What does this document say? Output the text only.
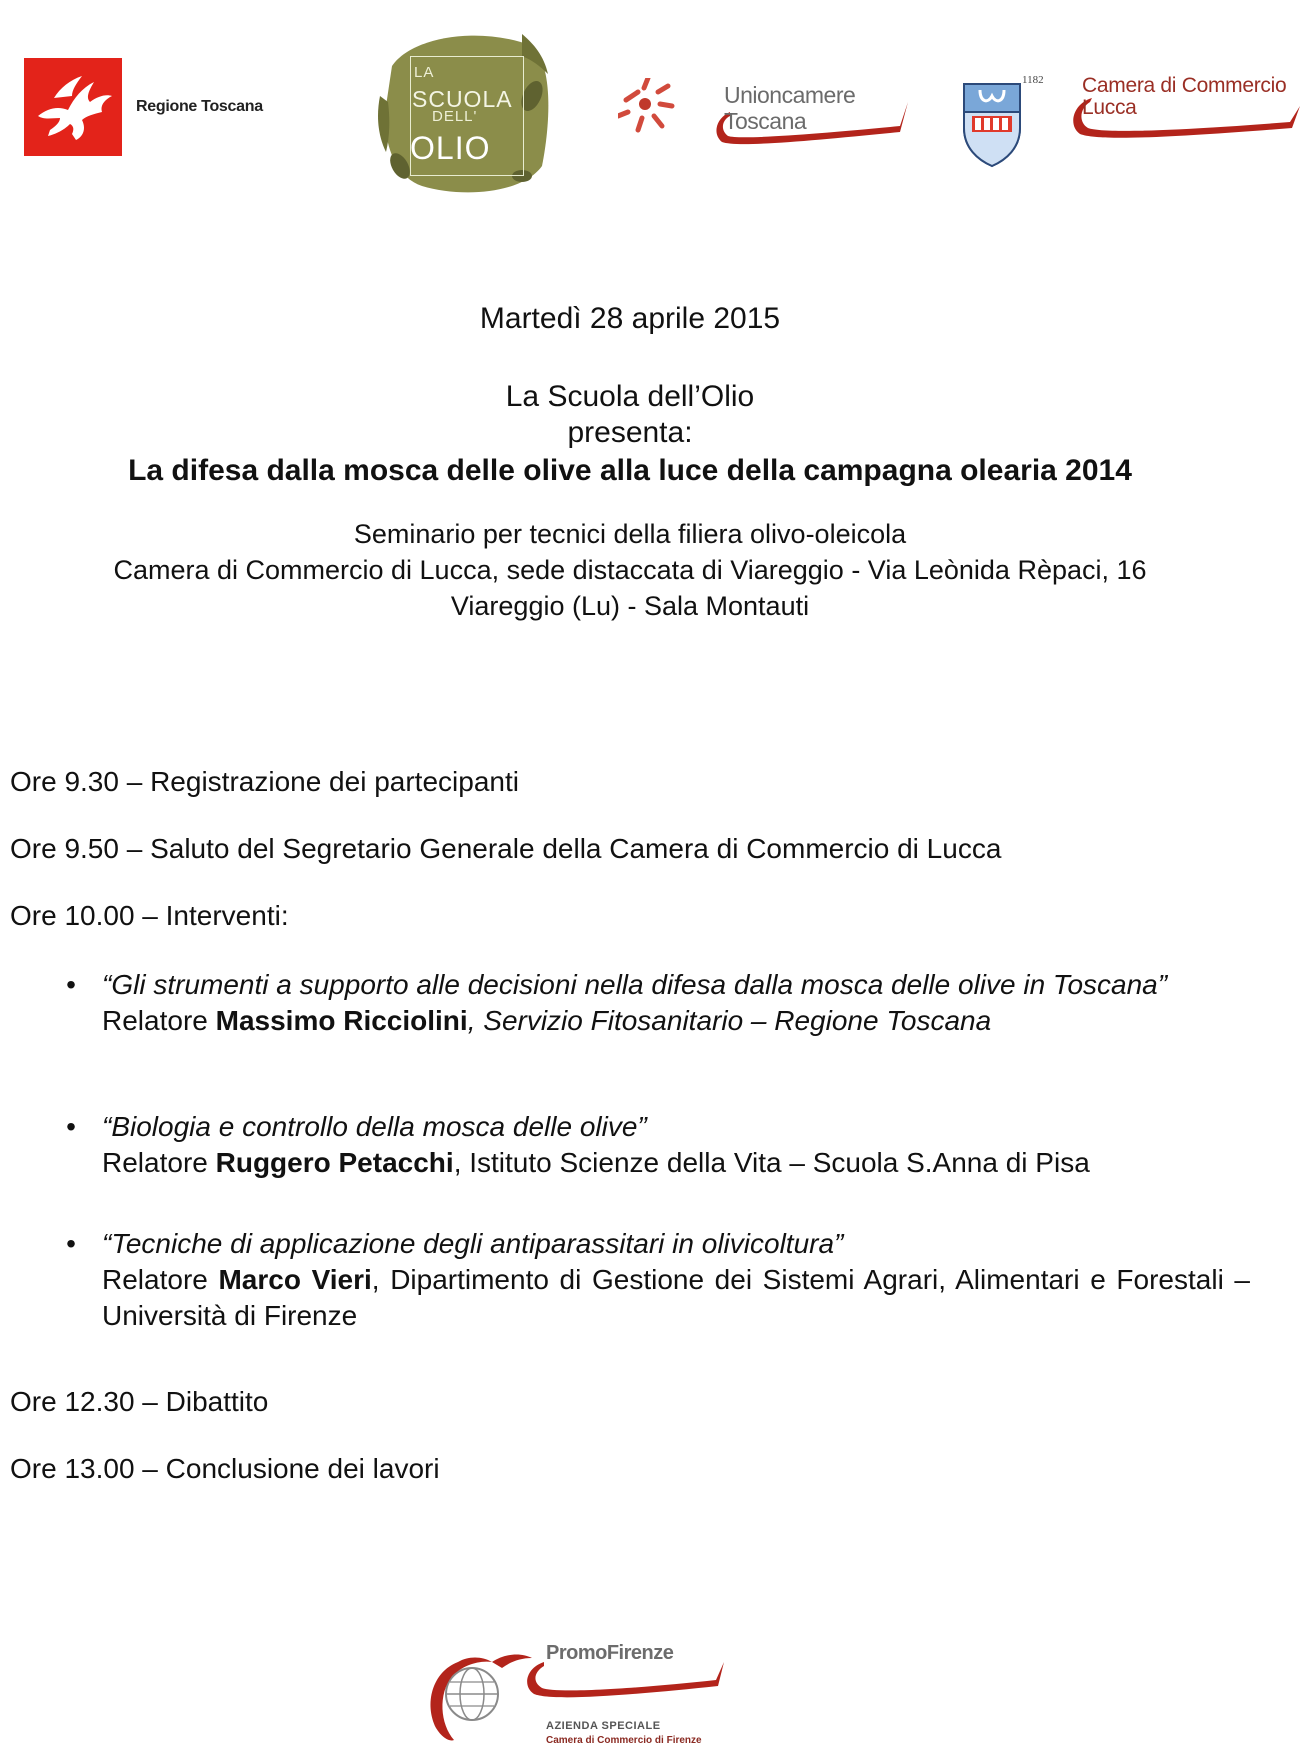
Regione Toscana
LA
SCUOLA
DELL'
OLIO
Unioncamere
Toscana
1182 Camera di Commercio
Lucca
Martedì 28 aprile 2015
La Scuola dell’Olio
presenta:
La difesa dalla mosca delle olive alla luce della campagna olearia 2014
Seminario per tecnici della filiera olivo-oleicola
Camera di Commercio di Lucca, sede distaccata di Viareggio - Via Leònida Rèpaci, 16
Viareggio (Lu) - Sala Montauti
Ore 9.30 – Registrazione dei partecipanti
Ore 9.50 – Saluto del Segretario Generale della Camera di Commercio di Lucca
Ore 10.00 – Interventi:
• “Gli strumenti a supporto alle decisioni nella difesa dalla mosca delle olive in Toscana”
Relatore Massimo Ricciolini, Servizio Fitosanitario – Regione Toscana
• “Biologia e controllo della mosca delle olive”
Relatore Ruggero Petacchi, Istituto Scienze della Vita – Scuola S.Anna di Pisa
• “Tecniche di applicazione degli antiparassitari in olivicoltura”
Relatore Marco Vieri, Dipartimento di Gestione dei Sistemi Agrari, Alimentari e Forestali – Università di Firenze
Ore 12.30 – Dibattito
Ore 13.00 – Conclusione dei lavori
PromoFirenze
AZIENDA SPECIALE
Camera di Commercio di Firenze
